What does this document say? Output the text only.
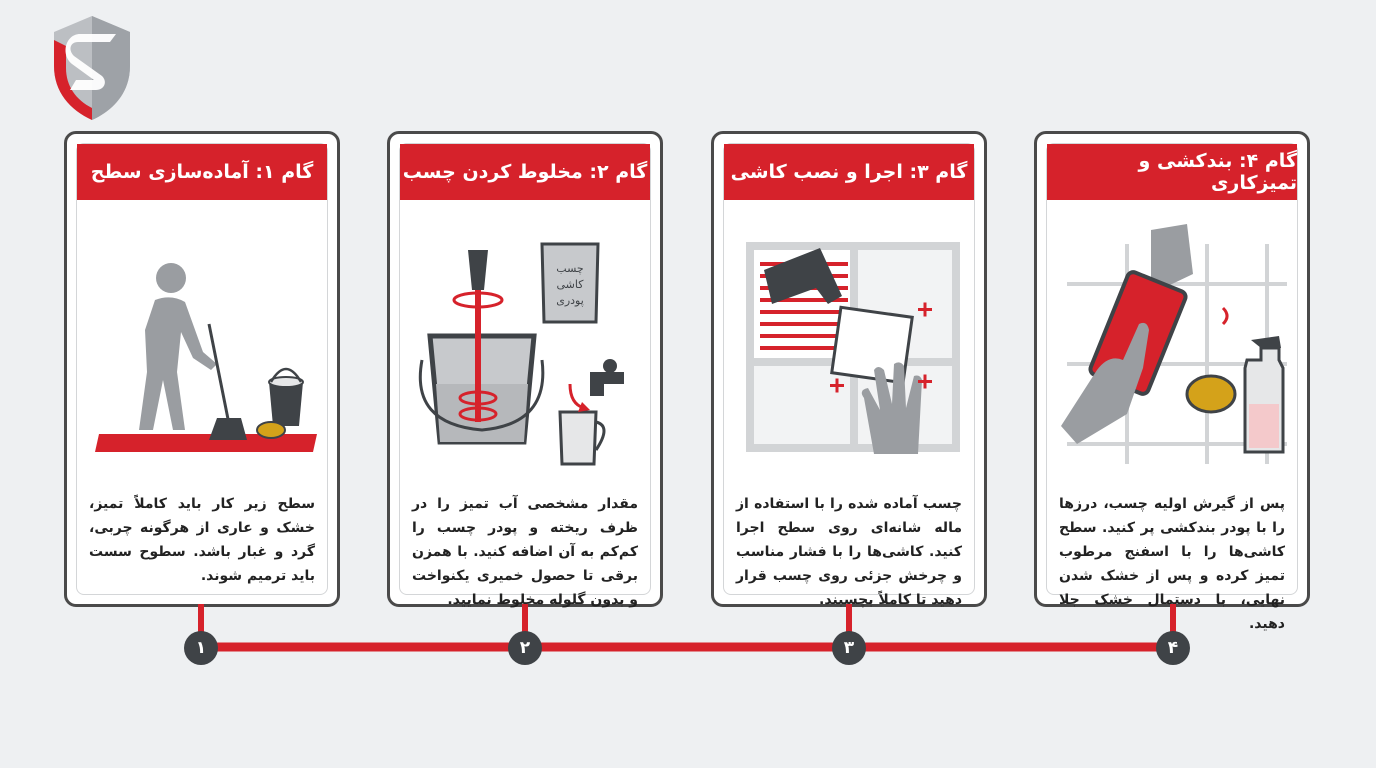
گام ۱: آماده‌سازی سطح
سطح زیر کار باید کاملاً تمیز، خشک و عاری از هرگونه چربی، گرد و غبار باشد. سطوح سست باید ترمیم شوند.
گام ۲: مخلوط کردن چسب
چسب
کاشی
پودری
مقدار مشخصی آب تمیز را در ظرف ریخته و پودر چسب را کم‌کم به آن اضافه کنید. با همزن برقی تا حصول خمیری یکنواخت و بدون گلوله مخلوط نمایید.
گام ۳: اجرا و نصب کاشی
چسب آماده شده را با استفاده از ماله شانه‌ای روی سطح اجرا کنید. کاشی‌ها را با فشار مناسب و چرخش جزئی روی چسب قرار دهید تا کاملاً بچسبند.
گام ۴: بندکشی و تمیزکاری
پس از گیرش اولیه چسب، درزها را با پودر بندکشی پر کنید. سطح کاشی‌ها را با اسفنج مرطوب تمیز کرده و پس از خشک شدن نهایی، با دستمال خشک جلا دهید.
۱	۲	۳	۴
